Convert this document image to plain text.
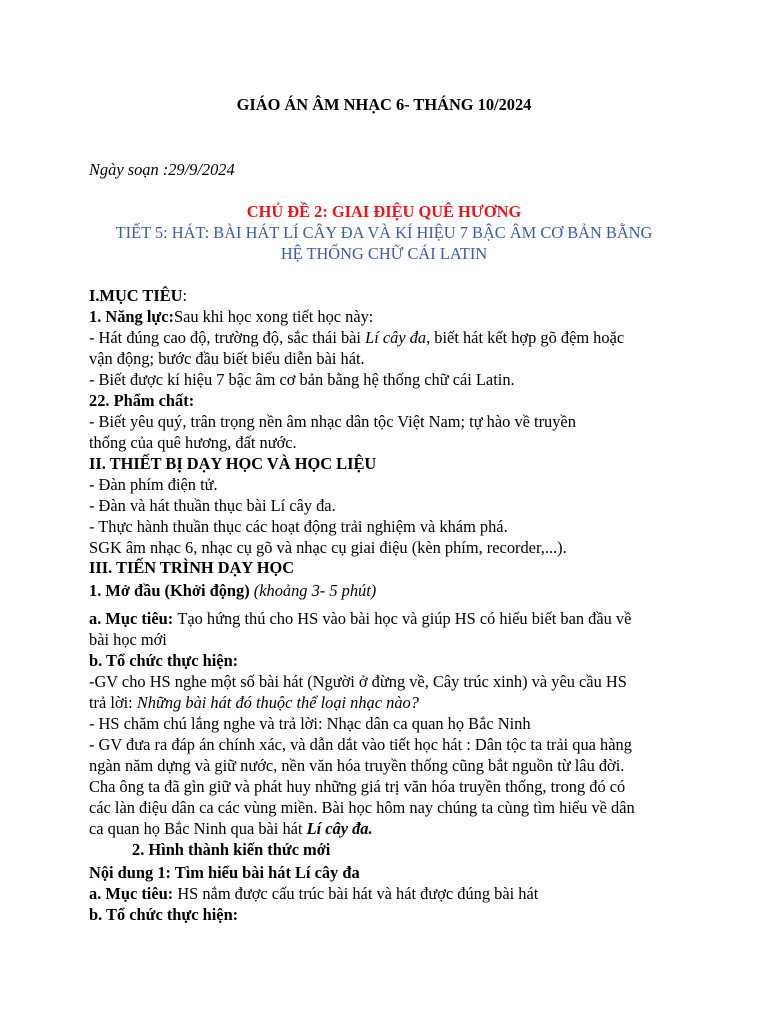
GIÁO ÁN ÂM NHẠC 6- THÁNG 10/2024
Ngày soạn :29/9/2024
CHỦ ĐỀ 2: GIAI ĐIỆU QUÊ HƯƠNG
TIẾT 5: HÁT: BÀI HÁT LÍ CÂY ĐA VÀ KÍ HIỆU 7 BẬC ÂM CƠ BẢN BẰNG
HỆ THỐNG CHỮ CÁI LATIN
I.MỤC TIÊU:
1. Năng lực:Sau khi học xong tiết học này:
- Hát đúng cao độ, trường độ, sắc thái bài Lí cây đa, biết hát kết hợp gõ đệm hoặc
vận động; bước đầu biết biểu diễn bài hát.
- Biết được kí hiệu 7 bậc âm cơ bản bằng hệ thống chữ cái Latin.
22. Phẩm chất:
- Biết yêu quý, trân trọng nền âm nhạc dân tộc Việt Nam; tự hào về truyền
thống của quê hương, đất nước.
II. THIẾT BỊ DẠY HỌC VÀ HỌC LIỆU
- Đàn phím điện tử.
- Đàn và hát thuần thục bài Lí cây đa.
- Thực hành thuần thục các hoạt động trải nghiệm và khám phá.
SGK âm nhạc 6, nhạc cụ gõ và nhạc cụ giai điệu (kèn phím, recorder,...).
III. TIẾN TRÌNH DẠY HỌC
1. Mở đầu (Khởi động) (khoảng 3- 5 phút)
a. Mục tiêu: Tạo hứng thú cho HS vào bài học và giúp HS có hiểu biết ban đầu về
bài học mới
b. Tổ chức thực hiện:
-GV cho HS nghe một số bài hát (Người ở đừng về, Cây trúc xinh) và yêu cầu HS
trả lời: Những bài hát đó thuộc thể loại nhạc nào?
- HS chăm chú lắng nghe và trả lời: Nhạc dân ca quan họ Bắc Ninh
- GV đưa ra đáp án chính xác, và dẫn dắt vào tiết học hát : Dân tộc ta trải qua hàng
ngàn năm dựng và giữ nước, nền văn hóa truyền thống cũng bắt nguồn từ lâu đời.
Cha ông ta đã gìn giữ và phát huy những giá trị văn hóa truyền thống, trong đó có
các làn điệu dân ca các vùng miền. Bài học hôm nay chúng ta cùng tìm hiểu về dân
ca quan họ Bắc Ninh qua bài hát Lí cây đa.
2. Hình thành kiến thức mới
Nội dung 1: Tìm hiểu bài hát Lí cây đa
a. Mục tiêu: HS nắm được cấu trúc bài hát và hát được đúng bài hát
b. Tổ chức thực hiện:
